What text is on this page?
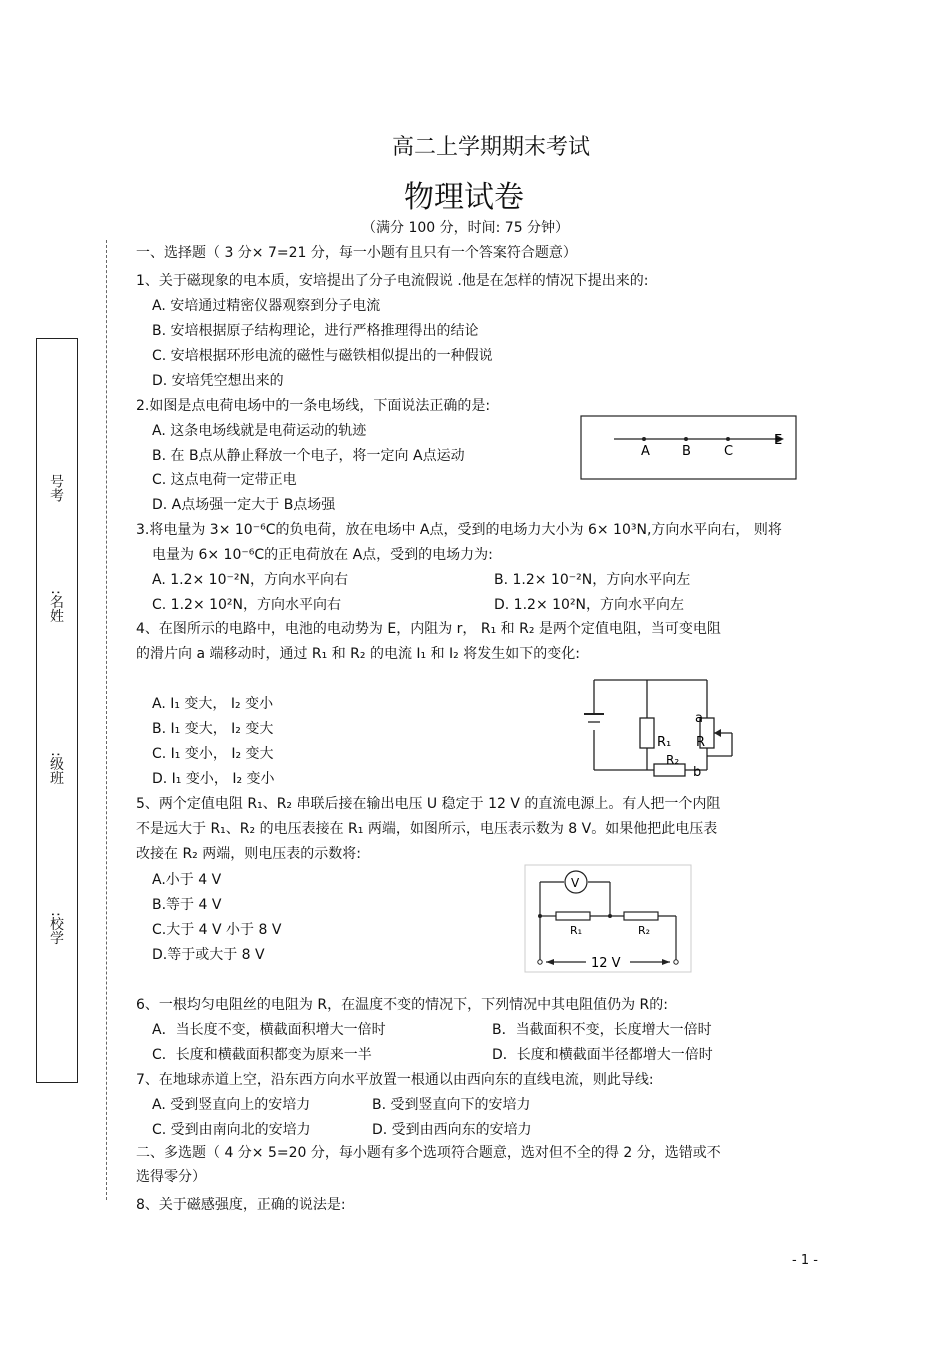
高二上学期期末考试
物理试卷
（满分 100 分，时间: 75 分钟）
号考
:名姓
:级班
:校学
一、选择题（ 3 分× 7=21 分，每一小题有且只有一个答案符合题意）
1、关于磁现象的电本质，安培提出了分子电流假说 .他是在怎样的情况下提出来的:
A. 安培通过精密仪器观察到分子电流
B. 安培根据原子结构理论，进行严格推理得出的结论
C. 安培根据环形电流的磁性与磁铁相似提出的一种假说
D. 安培凭空想出来的
2.如图是点电荷电场中的一条电场线，下面说法正确的是:
A. 这条电场线就是电荷运动的轨迹
B. 在 B点从静止释放一个电子，将一定向 A点运动
C. 这点电荷一定带正电
D. A点场强一定大于 B点场强
A B	C
E
3.将电量为 3× 10⁻⁶C的负电荷，放在电场中 A点，受到的电场力大小为 6× 10³N,方向水平向右， 则将
电量为 6× 10⁻⁶C的正电荷放在 A点，受到的电场力为:
A. 1.2× 10⁻²N，方向水平向右	B. 1.2× 10⁻²N，方向水平向左
C. 1.2× 10²N，方向水平向右	D. 1.2× 10²N，方向水平向左
4、在图所示的电路中，电池的电动势为 E，内阻为 r， R₁ 和 R₂ 是两个定值电阻，当可变电阻
的滑片向 a 端移动时，通过 R₁ 和 R₂ 的电流 I₁ 和 I₂ 将发生如下的变化:
A. I₁ 变大， I₂ 变小
B. I₁ 变大， I₂ 变大
C. I₁ 变小， I₂ 变大
D. I₁ 变小， I₂ 变小
a
R
R₁
R₂
b
5、两个定值电阻 R₁、R₂ 串联后接在输出电压 U 稳定于 12 V 的直流电源上。有人把一个内阻
不是远大于 R₁、R₂ 的电压表接在 R₁ 两端，如图所示，电压表示数为 8 V。如果他把此电压表
改接在 R₂ 两端，则电压表的示数将:
A.小于 4 V
B.等于 4 V
C.大于 4 V 小于 8 V
D.等于或大于 8 V
V
R₁	R₂
12 V
6、一根均匀电阻丝的电阻为 R，在温度不变的情况下，下列情况中其电阻值仍为 R的:
A．当长度不变，横截面积增大一倍时	B．当截面积不变，长度增大一倍时
C．长度和横截面积都变为原来一半	D．长度和横截面半径都增大一倍时
7、在地球赤道上空，沿东西方向水平放置一根通以由西向东的直线电流，则此导线:
A. 受到竖直向上的安培力	B. 受到竖直向下的安培力
C. 受到由南向北的安培力	D. 受到由西向东的安培力
二、多选题（ 4 分× 5=20 分，每小题有多个选项符合题意，选对但不全的得 2 分，选错或不
选得零分）
8、关于磁感强度，正确的说法是:
- 1 -
